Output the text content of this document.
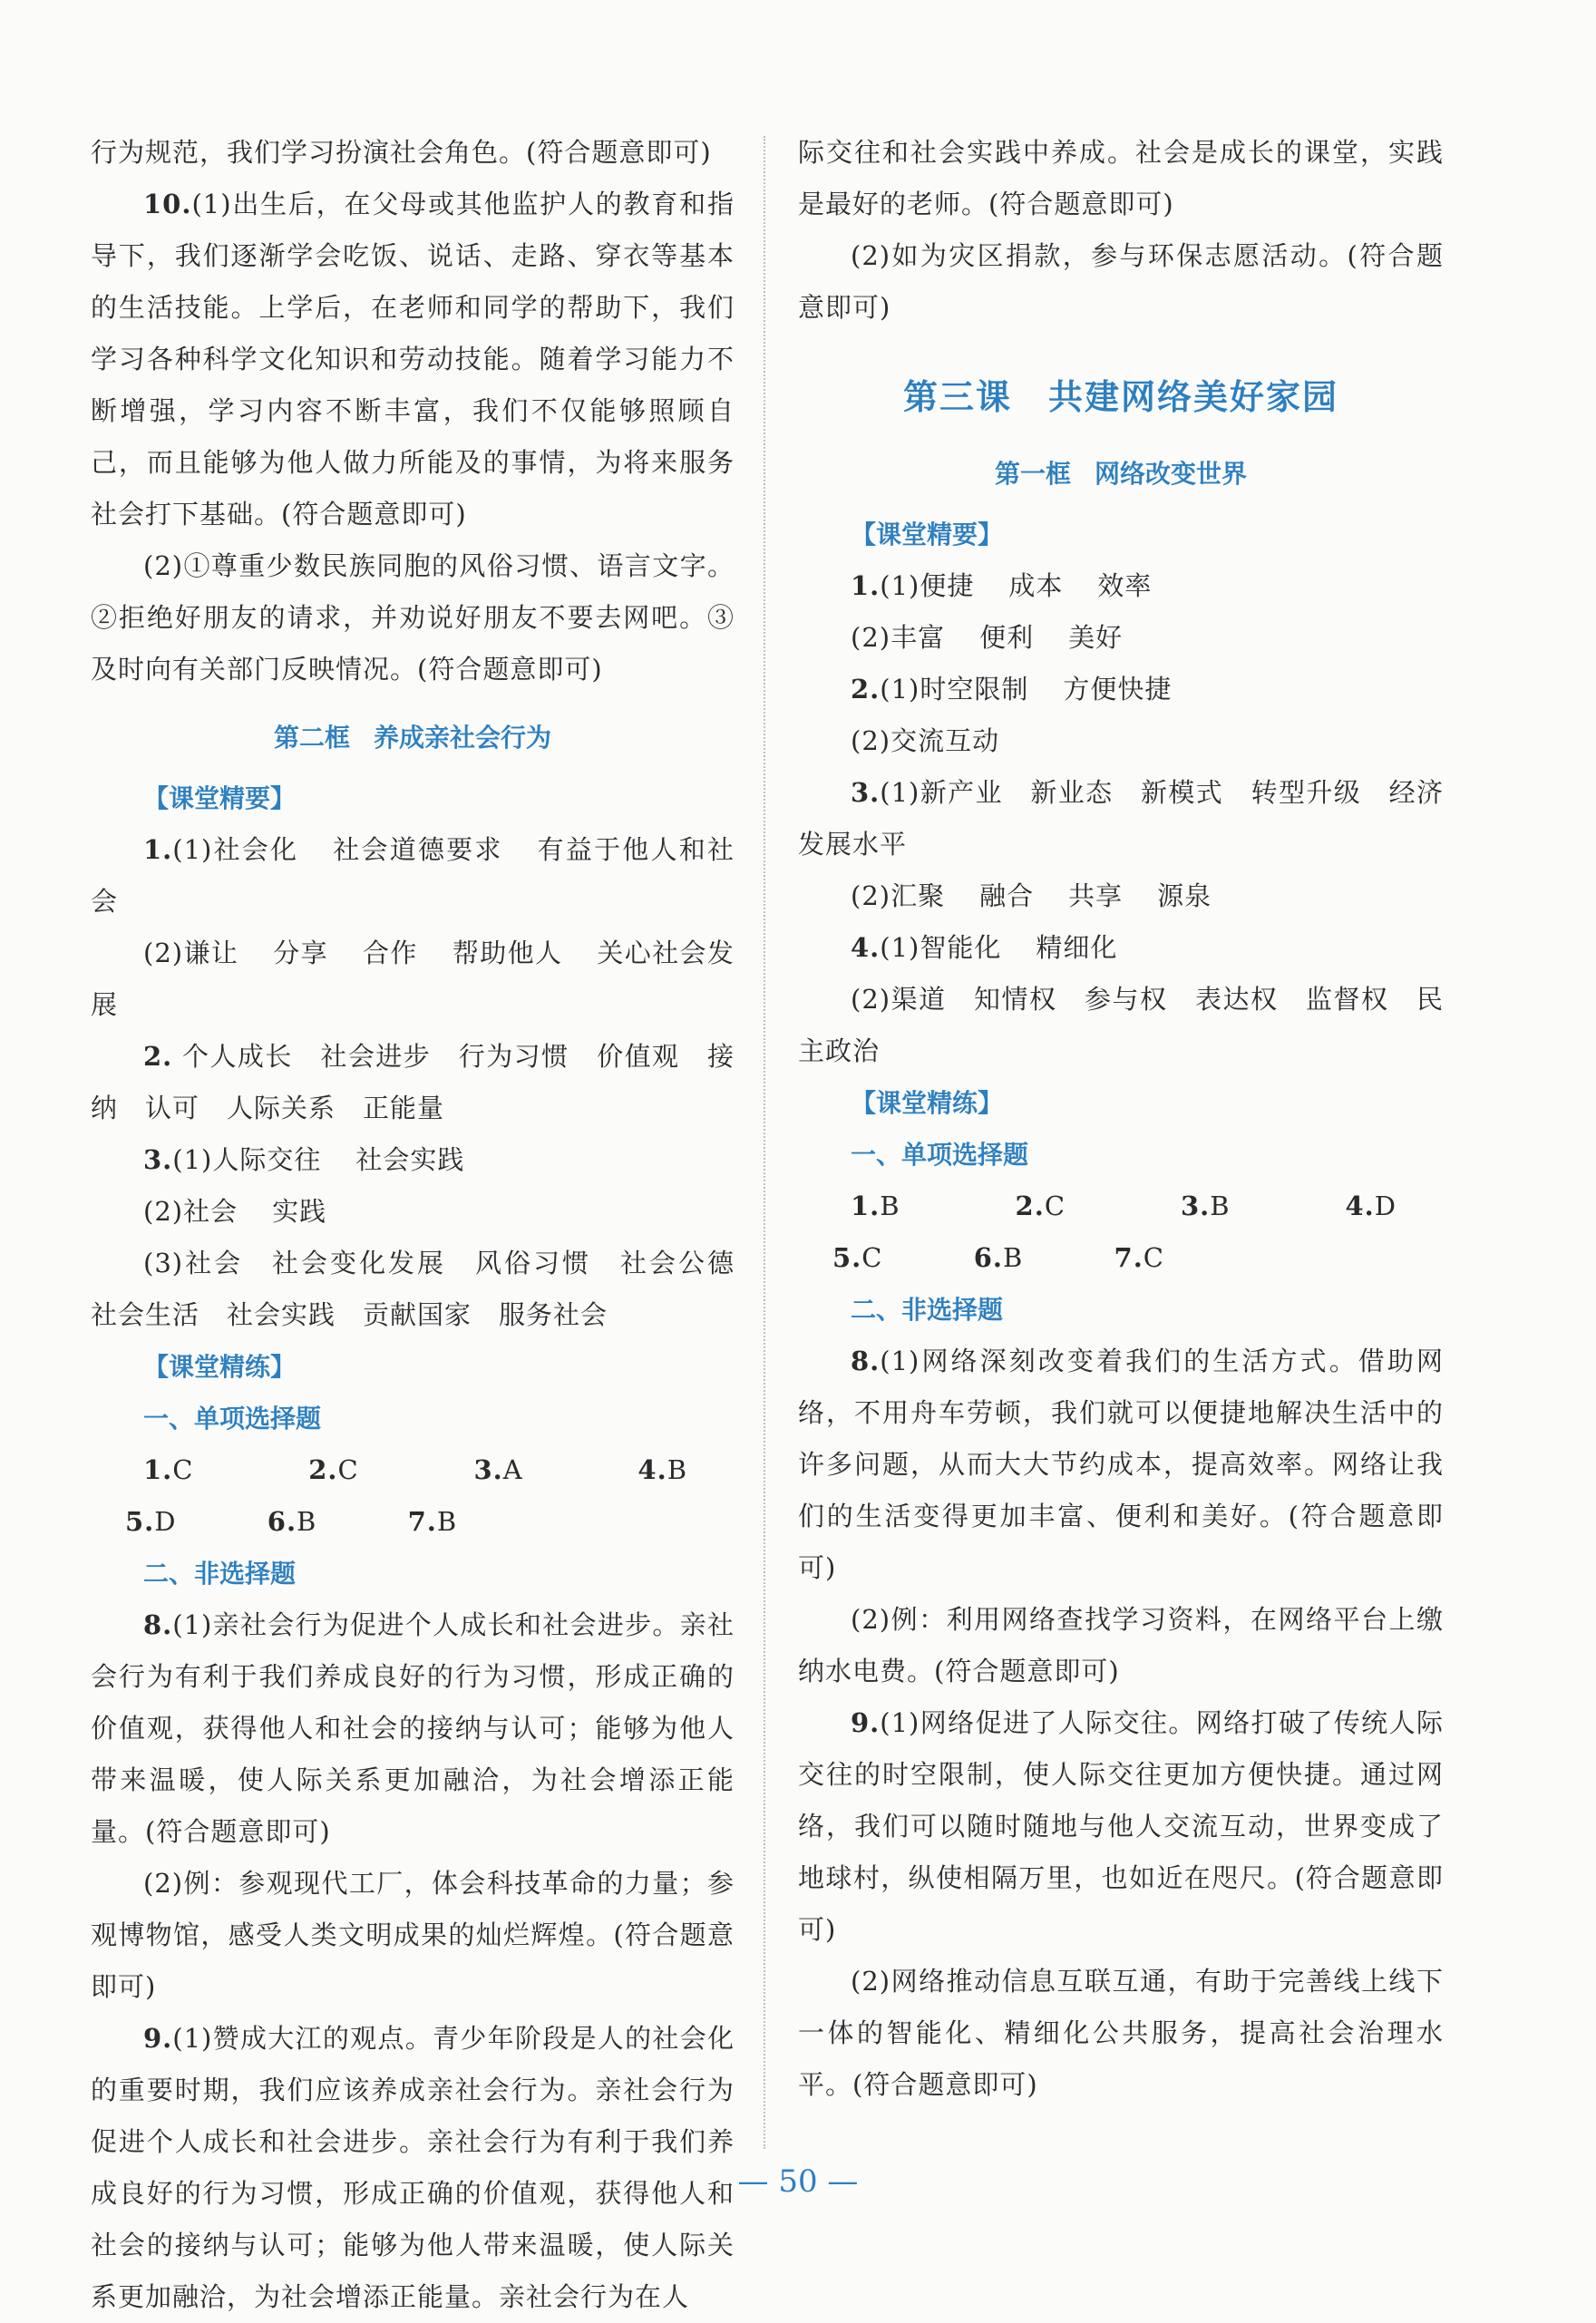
行为规范，我们学习扮演社会角色。(符合题意即可)

10.(1)出生后，在父母或其他监护人的教育和指导下，我们逐渐学会吃饭、说话、走路、穿衣等基本的生活技能。上学后，在老师和同学的帮助下，我们学习各种科学文化知识和劳动技能。随着学习能力不断增强，学习内容不断丰富，我们不仅能够照顾自己，而且能够为他人做力所能及的事情，为将来服务社会打下基础。(符合题意即可)

(2)①尊重少数民族同胞的风俗习惯、语言文字。②拒绝好朋友的请求，并劝说好朋友不要去网吧。③及时向有关部门反映情况。(符合题意即可)

第二框 养成亲社会行为
【课堂精要】

1.(1)社会化 社会道德要求 有益于他人和社会

(2)谦让 分享 合作 帮助他人 关心社会发展

2. 个人成长　社会进步　行为习惯　价值观　接纳　认可　人际关系　正能量

3.(1)人际交往 社会实践

(2)社会 实践

(3)社会　社会变化发展　风俗习惯　社会公德　社会生活　社会实践　贡献国家　服务社会

【课堂精练】
一、单项选择题

1.C	2.C	3.A	4.B 5.D	6.B	7.B

二、非选择题

8.(1)亲社会行为促进个人成长和社会进步。亲社会行为有利于我们养成良好的行为习惯，形成正确的价值观，获得他人和社会的接纳与认可；能够为他人带来温暖，使人际关系更加融洽，为社会增添正能量。(符合题意即可)

(2)例：参观现代工厂，体会科技革命的力量；参观博物馆，感受人类文明成果的灿烂辉煌。(符合题意即可)

9.(1)赞成大江的观点。青少年阶段是人的社会化的重要时期，我们应该养成亲社会行为。亲社会行为促进个人成长和社会进步。亲社会行为有利于我们养成良好的行为习惯，形成正确的价值观，获得他人和社会的接纳与认可；能够为他人带来温暖，使人际关系更加融洽，为社会增添正能量。亲社会行为在人

际交往和社会实践中养成。社会是成长的课堂，实践是最好的老师。(符合题意即可)

(2)如为灾区捐款，参与环保志愿活动。(符合题意即可)

第三课 共建网络美好家园
第一框 网络改变世界
【课堂精要】

1.(1)便捷 成本 效率

(2)丰富 便利 美好

2.(1)时空限制 方便快捷

(2)交流互动

3.(1)新产业　新业态　新模式　转型升级　经济发展水平

(2)汇聚 融合 共享 源泉

4.(1)智能化 精细化

(2)渠道　知情权　参与权　表达权　监督权　民主政治

【课堂精练】
一、单项选择题

1.B	2.C	3.B	4.D 5.C	6.B	7.C

二、非选择题

8.(1)网络深刻改变着我们的生活方式。借助网络，不用舟车劳顿，我们就可以便捷地解决生活中的许多问题，从而大大节约成本，提高效率。网络让我们的生活变得更加丰富、便利和美好。(符合题意即可)

(2)例：利用网络查找学习资料，在网络平台上缴纳水电费。(符合题意即可)

9.(1)网络促进了人际交往。网络打破了传统人际交往的时空限制，使人际交往更加方便快捷。通过网络，我们可以随时随地与他人交流互动，世界变成了地球村，纵使相隔万里，也如近在咫尺。(符合题意即可)

(2)网络推动信息互联互通，有助于完善线上线下一体的智能化、精细化公共服务，提高社会治理水平。(符合题意即可)

— 50 —
